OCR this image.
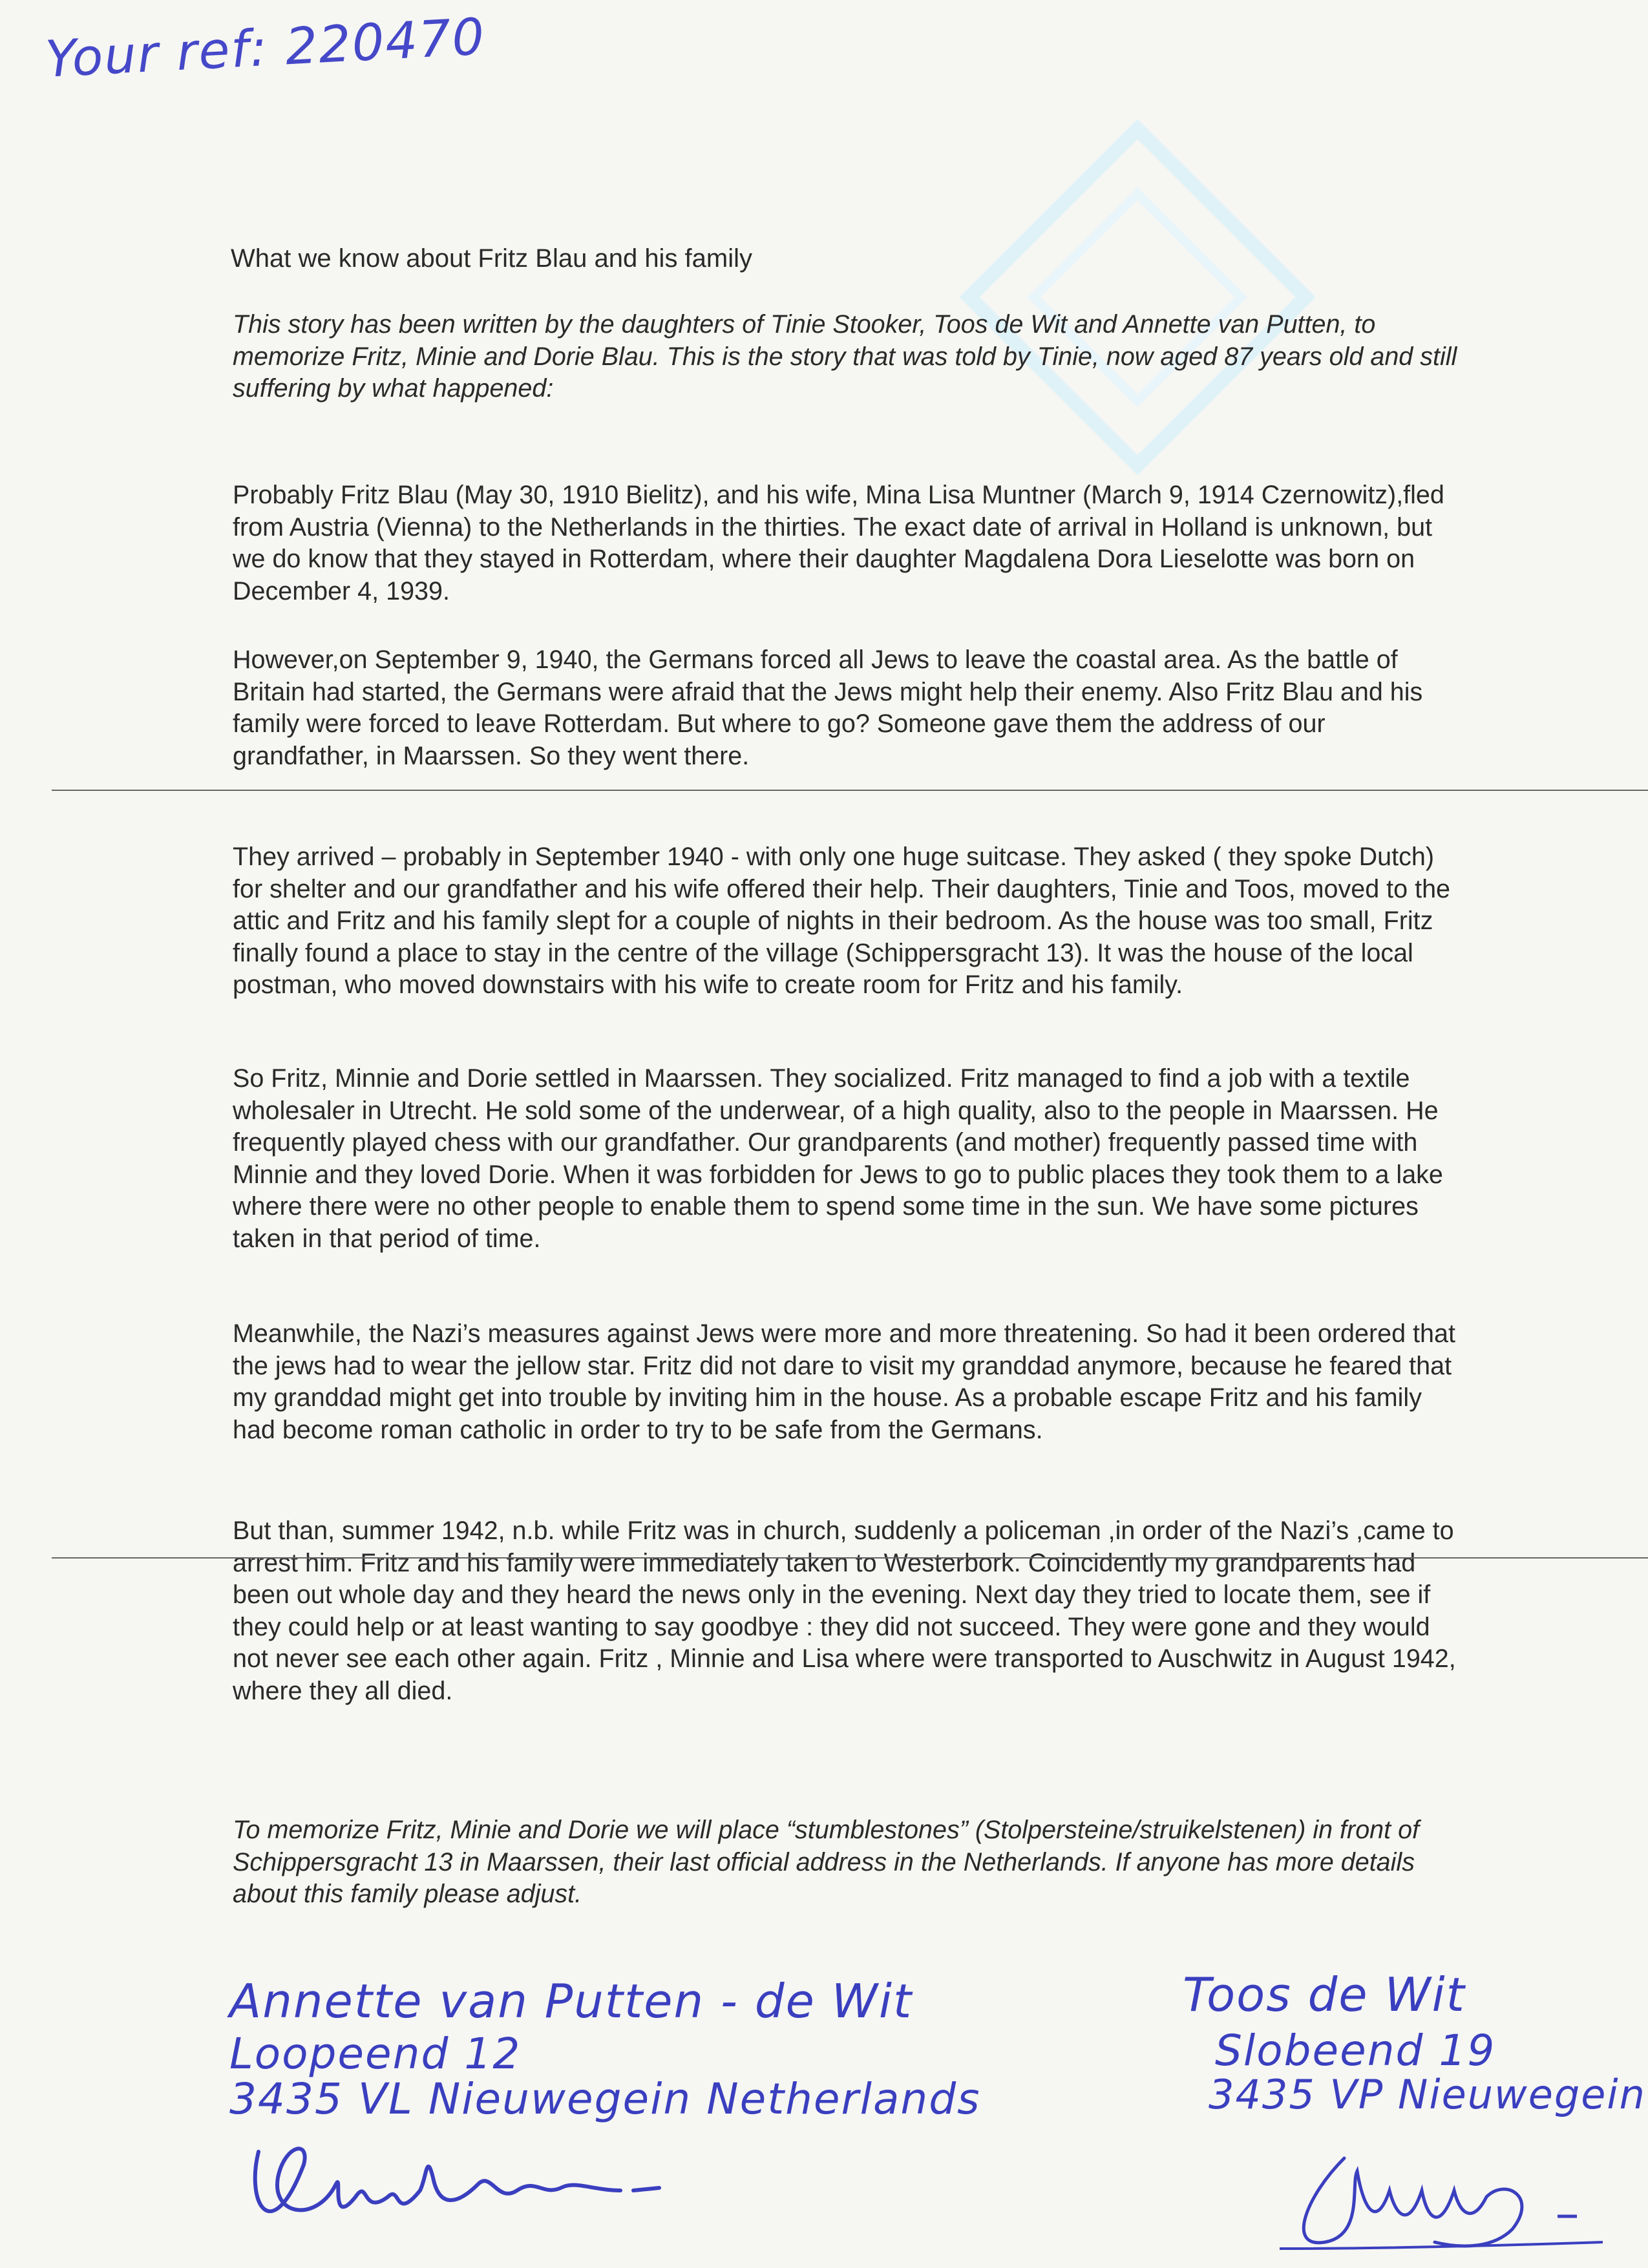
Your ref: 220470
What we know about Fritz Blau and his family

This story has been written by the daughters of Tinie Stooker, Toos de Wit and Annette van Putten, to memorize Fritz, Minie and Dorie Blau. This is the story that was told by Tinie, now aged 87 years old and still suffering by what happened:

Probably Fritz Blau (May 30, 1910 Bielitz), and his wife, Mina Lisa Muntner (March 9, 1914 Czernowitz),fled from Austria (Vienna) to the Netherlands in the thirties. The exact date of arrival in Holland is unknown, but we do know that they stayed in Rotterdam, where their daughter Magdalena Dora Lieselotte was born on December 4, 1939.

However,on September 9, 1940, the Germans forced all Jews to leave the coastal area. As the battle of Britain had started, the Germans were afraid that the Jews might help their enemy. Also Fritz Blau and his family were forced to leave Rotterdam. But where to go? Someone gave them the address of our grandfather, in Maarssen. So they went there.

They arrived – probably in September 1940 - with only one huge suitcase. They asked ( they spoke Dutch) for shelter and our grandfather and his wife offered their help. Their daughters, Tinie and Toos, moved to the attic and Fritz and his family slept for a couple of nights in their bedroom. As the house was too small, Fritz finally found a place to stay in the centre of the village (Schippersgracht 13). It was the house of the local postman, who moved downstairs with his wife to create room for Fritz and his family.

So Fritz, Minnie and Dorie settled in Maarssen. They socialized. Fritz managed to find a job with a textile wholesaler in Utrecht. He sold some of the underwear, of a high quality, also to the people in Maarssen. He frequently played chess with our grandfather. Our grandparents (and mother) frequently passed time with Minnie and they loved Dorie. When it was forbidden for Jews to go to public places they took them to a lake where there were no other people to enable them to spend some time in the sun. We have some pictures taken in that period of time.

Meanwhile, the Nazi’s measures against Jews were more and more threatening. So had it been ordered that the jews had to wear the jellow star. Fritz did not dare to visit my granddad anymore, because he feared that my granddad might get into trouble by inviting him in the house. As a probable escape Fritz and his family had become roman catholic in order to try to be safe from the Germans.

But than, summer 1942, n.b. while Fritz was in church, suddenly a policeman ,in order of the Nazi’s ,came to arrest him. Fritz and his family were immediately taken to Westerbork. Coincidently my grandparents had been out whole day and they heard the news only in the evening. Next day they tried to locate them, see if they could help or at least wanting to say goodbye : they did not succeed. They were gone and they would not never see each other again. Fritz , Minnie and Lisa where were transported to Auschwitz in August 1942, where they all died.

To memorize Fritz, Minie and Dorie we will place “stumblestones” (Stolpersteine/struikelstenen) in front of Schippersgracht 13 in Maarssen, their last official address in the Netherlands. If anyone has more details about this family please adjust.

Annette van Putten - de Wit
Loopeend 12
3435 VL Nieuwegein Netherlands
Toos de Wit
Slobeend 19
3435 VP Nieuwegein
